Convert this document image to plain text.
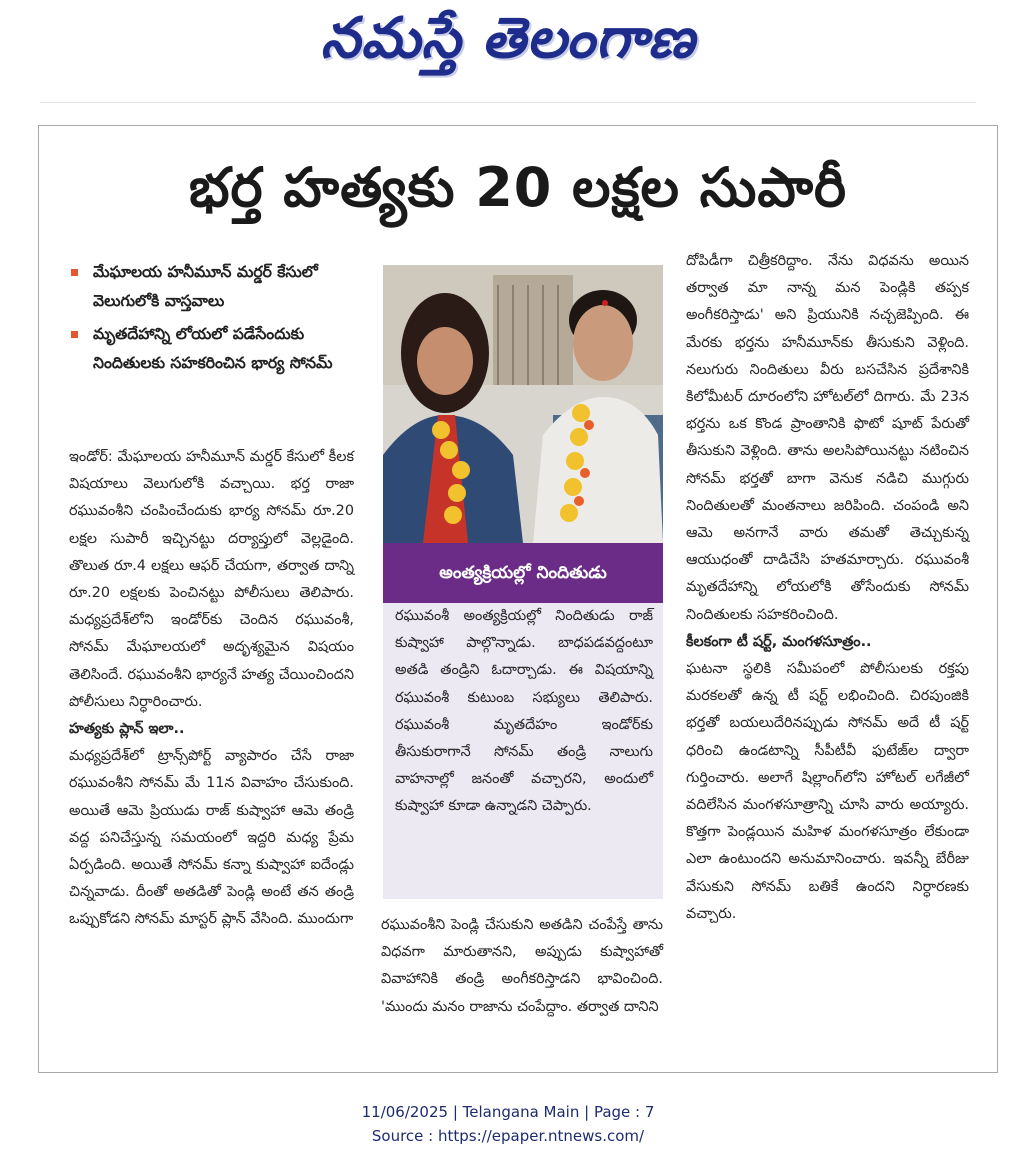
నమస్తే తెలంగాణ
భర్త హత్యకు 20 లక్షల సుపారీ
మేఘాలయ హనీమూన్ మర్డర్ కేసులో వెలుగులోకి వాస్తవాలు
మృతదేహాన్ని లోయలో పడేసేందుకు నిందితులకు సహకరించిన భార్య సోనమ్

ఇండోర్: మేఘాలయ హనీమూన్ మర్డర్ కేసులో కీలక విషయాలు వెలుగులోకి వచ్చాయి. భర్త రాజా రఘువంశీని చంపించేందుకు భార్య సోనమ్ రూ.20 లక్షల సుపారీ ఇచ్చినట్టు దర్యాప్తులో వెల్లడైంది. తొలుత రూ.4 లక్షలు ఆఫర్ చేయగా, తర్వాత దాన్ని రూ.20 లక్షలకు పెంచినట్టు పోలీసులు తెలిపారు. మధ్యప్రదేశ్‌లోని ఇండోర్‌కు చెందిన రఘువంశీ, సోనమ్ మేఘాలయలో అదృశ్యమైన విషయం తెలిసిందే. రఘువంశీని భార్యనే హత్య చేయించిందని పోలీసులు నిర్ధారించారు.

హత్యకు ప్లాన్ ఇలా..

మధ్యప్రదేశ్‌లో ట్రాన్స్‌పోర్ట్ వ్యాపారం చేసే రాజా రఘువంశీని సోనమ్ మే 11న వివాహం చేసుకుంది. అయితే ఆమె ప్రియుడు రాజ్ కుష్వాహా ఆమె తండ్రి వద్ద పనిచేస్తున్న సమయంలో ఇద్దరి మధ్య ప్రేమ ఏర్పడింది. అయితే సోనమ్ కన్నా కుష్వాహా ఐదేండ్లు చిన్నవాడు. దీంతో అతడితో పెండ్లి అంటే తన తండ్రి ఒప్పుకోడని సోనమ్ మాస్టర్ ప్లాన్ వేసింది. ముందుగా

అంత్యక్రియల్లో నిందితుడు

రఘువంశీ అంత్యక్రియల్లో నిందితుడు రాజ్ కుష్వాహా పాల్గొన్నాడు. బాధపడవద్దంటూ అతడి తండ్రిని ఓదార్చాడు. ఈ విషయాన్ని రఘువంశీ కుటుంబ సభ్యులు తెలిపారు. రఘువంశీ మృతదేహం ఇండోర్‌కు తీసుకురాగానే సోనమ్ తండ్రి నాలుగు వాహనాల్లో జనంతో వచ్చారని, అందులో కుష్వాహా కూడా ఉన్నాడని చెప్పారు.

రఘువంశీని పెండ్లి చేసుకుని అతడిని చంపేస్తే తాను విధవగా మారుతానని, అప్పుడు కుష్వాహాతో వివాహానికి తండ్రి అంగీకరిస్తాడని భావించింది. 'ముందు మనం రాజాను చంపేద్దాం. తర్వాత దానిని

దోపిడీగా చిత్రీకరిద్దాం. నేను విధవను అయిన తర్వాత మా నాన్న మన పెండ్లికి తప్పక అంగీకరిస్తాడు' అని ప్రియునికి నచ్చజెప్పింది. ఈ మేరకు భర్తను హనీమూన్‌కు తీసుకుని వెళ్లింది. నలుగురు నిందితులు వీరు బసచేసిన ప్రదేశానికి కిలోమీటర్ దూరంలోని హోటల్‌లో దిగారు. మే 23న భర్తను ఒక కొండ ప్రాంతానికి ఫొటో షూట్ పేరుతో తీసుకుని వెళ్లింది. తాను అలసిపోయినట్టు నటించిన సోనమ్ భర్తతో బాగా వెనుక నడిచి ముగ్గురు నిందితులతో మంతనాలు జరిపింది. చంపండి అని ఆమె అనగానే వారు తమతో తెచ్చుకున్న ఆయుధంతో దాడిచేసి హతమార్చారు. రఘువంశీ మృతదేహాన్ని లోయలోకి తోసేందుకు సోనమ్ నిందితులకు సహకరించింది.

కీలకంగా టీ షర్ట్, మంగళసూత్రం..

ఘటనా స్థలికి సమీపంలో పోలీసులకు రక్తపు మరకలతో ఉన్న టీ షర్ట్ లభించింది. చిరపుంజికి భర్తతో బయలుదేరినప్పుడు సోనమ్ అదే టీ షర్ట్ ధరించి ఉండటాన్ని సీపీటీవీ ఫుటేజ్‌ల ద్వారా గుర్తించారు. అలాగే షిల్లాంగ్‌లోని హోటల్ లగేజీలో వదిలేసిన మంగళసూత్రాన్ని చూసి వారు అయ్యారు. కొత్తగా పెండ్లయిన మహిళ మంగళసూత్రం లేకుండా ఎలా ఉంటుందని అనుమానించారు. ఇవన్నీ బేరీజు వేసుకుని సోనమ్ బతికే ఉందని నిర్ధారణకు వచ్చారు.

11/06/2025 | Telangana Main | Page : 7
Source : https://epaper.ntnews.com/
